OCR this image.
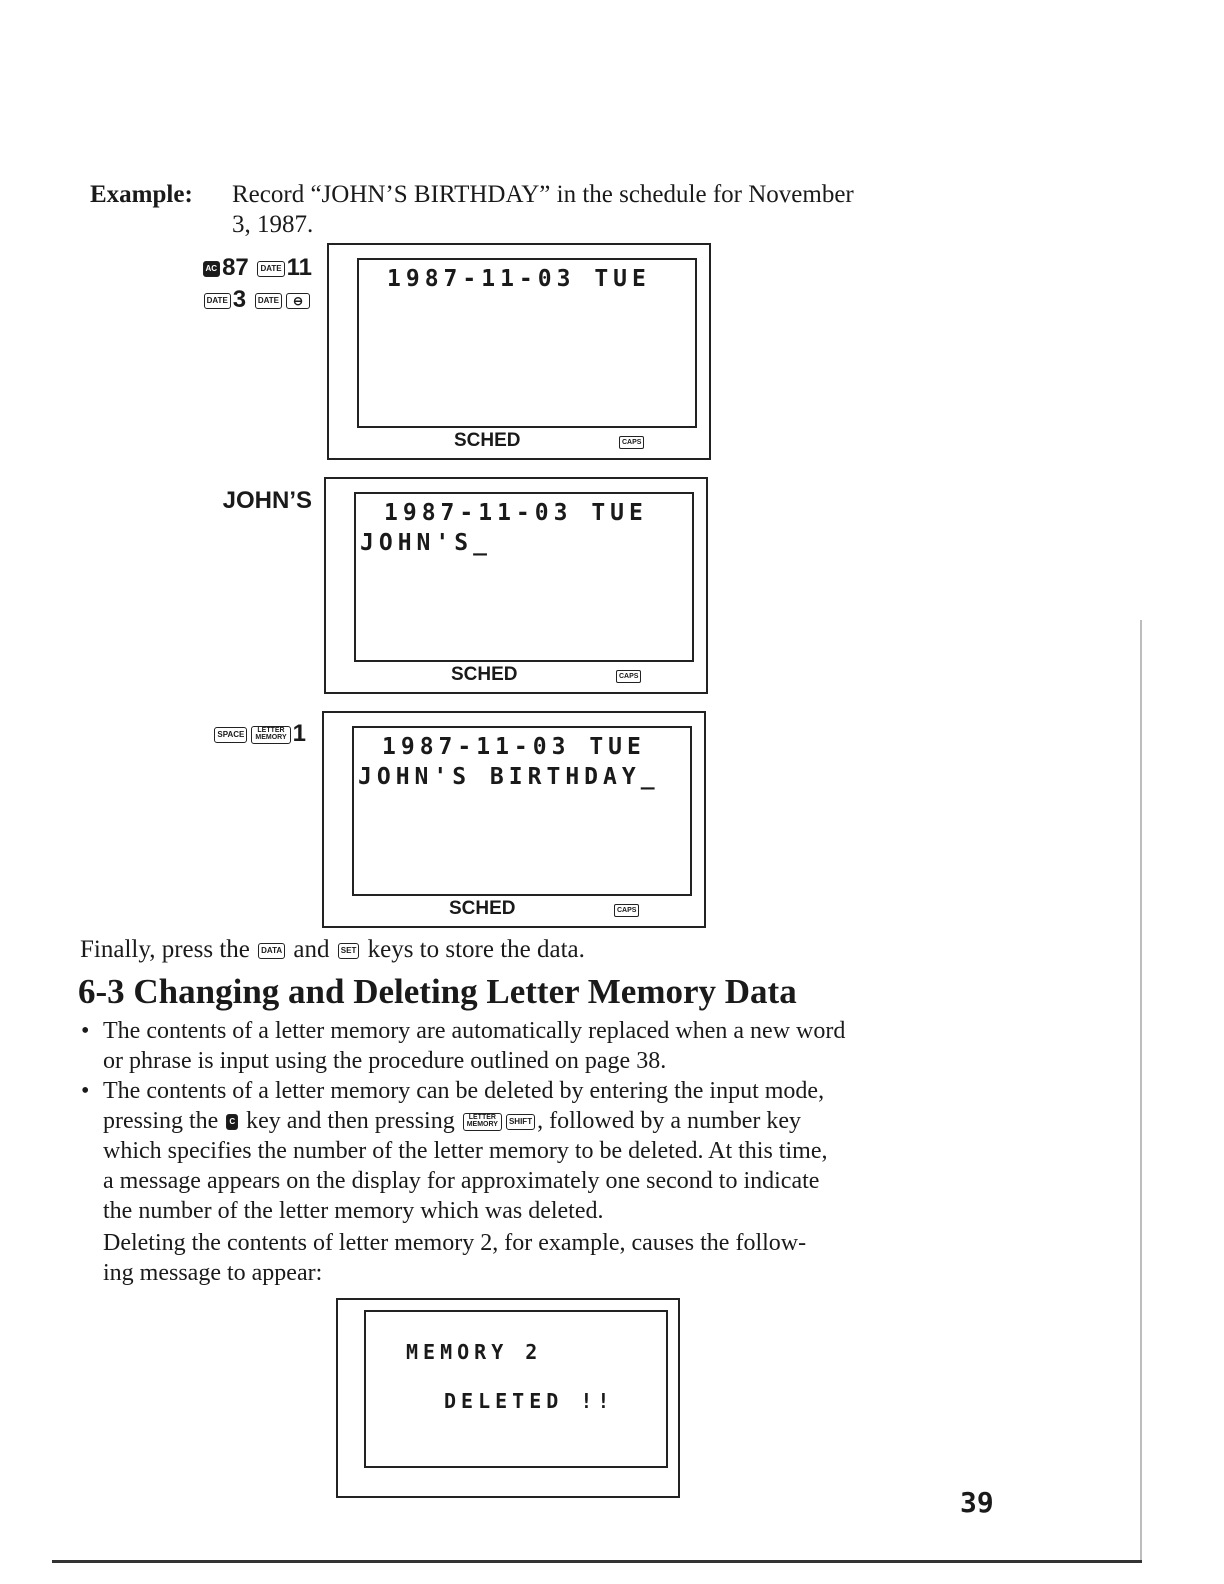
Example: Record “JOHN’S BIRTHDAY” in the schedule for November
3, 1987.
AC 87 DATE 11
DATE 3 DATE ⊖
1987-11-03 TUE
SCHED	CAPS
JOHN’S	1987-11-03 TUE
JOHN'S_
SCHED	CAPS
SPACE LETTER
MEMORY 1	1987-11-03 TUE
JOHN'S BIRTHDAY_
SCHED	CAPS
Finally, press the DATA and SET keys to store the data.
6-3 Changing and Deleting Letter Memory Data
• The contents of a letter memory are automatically replaced when a new word
or phrase is input using the procedure outlined on page 38.
• The contents of a letter memory can be deleted by entering the input mode,
pressing the C key and then pressing LETTER
MEMORY SHIFT , followed by a number key
which specifies the number of the letter memory to be deleted. At this time,
a message appears on the display for approximately one second to indicate
the number of the letter memory which was deleted.
Deleting the contents of letter memory 2, for example, causes the follow-
ing message to appear:
MEMORY 2
DELETED !!
39
